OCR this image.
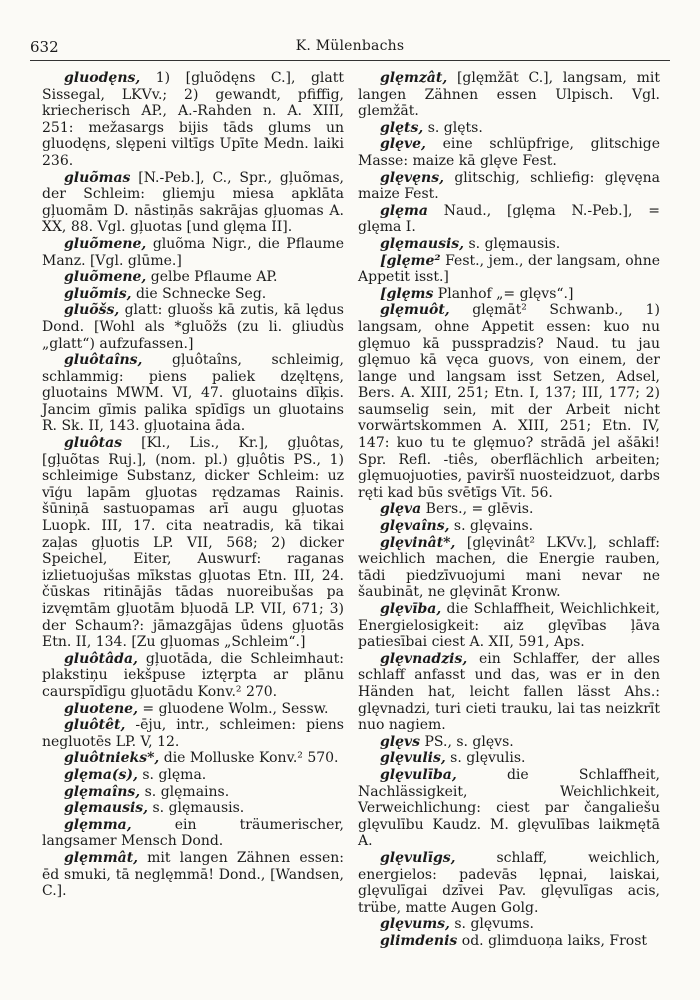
632	K. Mülenbachs

gluodęns, 1) [gluõdęns C.], glatt Sissegal, LKVv.; 2) gewandt, pfiffig, kriecherisch AP., A.-Rahden n. A. XIII, 251: mežasargs bijis tāds glums un gluodęns, slępeni viltīgs Upīte Medn. laiki 236.

gluõmas [N.-Peb.], C., Spr., gļuõmas, der Schleim: gliemju miesa apklāta gļuomām D. nāstiņās sakrājas gļuomas A. XX, 88. Vgl. gļuotas [und glęma II].

gluõmene, gluõma Nigr., die Pflaume Manz. [Vgl. glūme.]

gluõmene, gelbe Pflaume AP.

gluõmis, die Schnecke Seg.

gluõšs, glatt: gluošs kā zutis, kā lędus Dond. [Wohl als *gluõžs (zu li. gliudùs „glatt“) aufzufassen.]

gluôtaîns, gļuôtaîns, schleimig, schlammig: piens paliek dzęltęns, gluotains MWM. VI, 47. gluotains dīķis. Jancim gīmis palika spīdīgs un gluotains R. Sk. II, 143. gļuotaina āda.

gluôtas [Kl., Lis., Kr.], gļuôtas, [gļuõtas Ruj.], (nom. pl.) gļuôtis PS., 1) schleimige Substanz, dicker Schleim: uz vīģu lapām gļuotas rędzamas Rainis. šūniņā sastuopamas arī augu gļuotas Luopk. III, 17. cita neatradis, kā tikai zaļas gļuotis LP. VII, 568; 2) dicker Speichel, Eiter, Auswurf: raganas izlietuojušas mīkstas gļuotas Etn. III, 24. čūskas ritinājās tādas nuoreibušas pa izvęmtām gļuotām bļuodā LP. VII, 671; 3) der Schaum?: jāmazgājas ūdens gļuotās Etn. II, 134. [Zu gļuomas „Schleim“.]

gluôtâda, gļuotāda, die Schleimhaut: plakstiņu iekšpuse iztęrpta ar plānu caurspīdīgu gļuotādu Konv.² 270.

gluotene, = gluodene Wolm., Sessw.

gluôtêt, -ēju, intr., schleimen: piens negluotēs LP. V, 12.

gluôtnieks*, die Molluske Konv.² 570.

glęma(s), s. glęma.

glęmaîns, s. glęmains.

glęmausis, s. glęmausis.

glęmma, ein träumerischer, langsamer Mensch Dond.

glęmmât, mit langen Zähnen essen: ēd smuki, tā neglęmmā! Dond., [Wandsen, C.].

glęmzât, [glęmžāt C.], langsam, mit langen Zähnen essen Ulpisch. Vgl. glemžāt.

glęts, s. glęts.

glęve, eine schlüpfrige, glitschige Masse: maize kā glęve Fest.

glęvęns, glitschig, schliefig: glęvęna maize Fest.

glęma Naud., [glęma N.-Peb.], = glęma I.

glęmausis, s. glęmausis.

[glęme² Fest., jem., der langsam, ohne Appetit isst.]

[glęms Planhof „= glęvs“.]

glęmuôt, glęmāt² Schwanb., 1) langsam, ohne Appetit essen: kuo nu glęmuo kā pusspradzis? Naud. tu jau glęmuo kā vęca guovs, von einem, der lange und langsam isst Setzen, Adsel, Bers. A. XIII, 251; Etn. I, 137; III, 177; 2) saumselig sein, mit der Arbeit nicht vorwärtskommen A. XIII, 251; Etn. IV, 147: kuo tu te glęmuo? strādā jel ašāki! Spr. Refl. -tiês, oberflächlich arbeiten; glęmuojuoties, paviršī nuosteidzuot, darbs ręti kad būs svētīgs Vīt. 56.

glęva Bers., = glēvis.

glęvaîns, s. glęvains.

glęvinât*, [glęvinât² LKVv.], schlaff: weichlich machen, die Energie rauben, tādi piedzīvuojumi mani nevar ne šaubināt, ne glęvināt Kronw.

glęvība, die Schlaffheit, Weichlichkeit, Energielosigkeit: aiz glęvības ļāva patiesībai ciest A. XII, 591, Aps.

glęvnadzis, ein Schlaffer, der alles schlaff anfasst und das, was er in den Händen hat, leicht fallen lässt Ahs.: glęvnadzi, turi cieti trauku, lai tas neizkrīt nuo nagiem.

glęvs PS., s. glęvs.

glęvulis, s. glęvulis.

glęvulība, die Schlaffheit, Nachlässigkeit, Weichlichkeit, Verweichlichung: ciest par čangaliešu glęvulību Kaudz. M. glęvulības laikmętā A.

glęvulīgs, schlaff, weichlich, energielos: padevās lępnai, laiskai, glęvulīgai dzīvei Pav. glęvulīgas acis, trübe, matte Augen Golg.

glęvums, s. glęvums.

glimdenis od. glimduoņa laiks, Frost
